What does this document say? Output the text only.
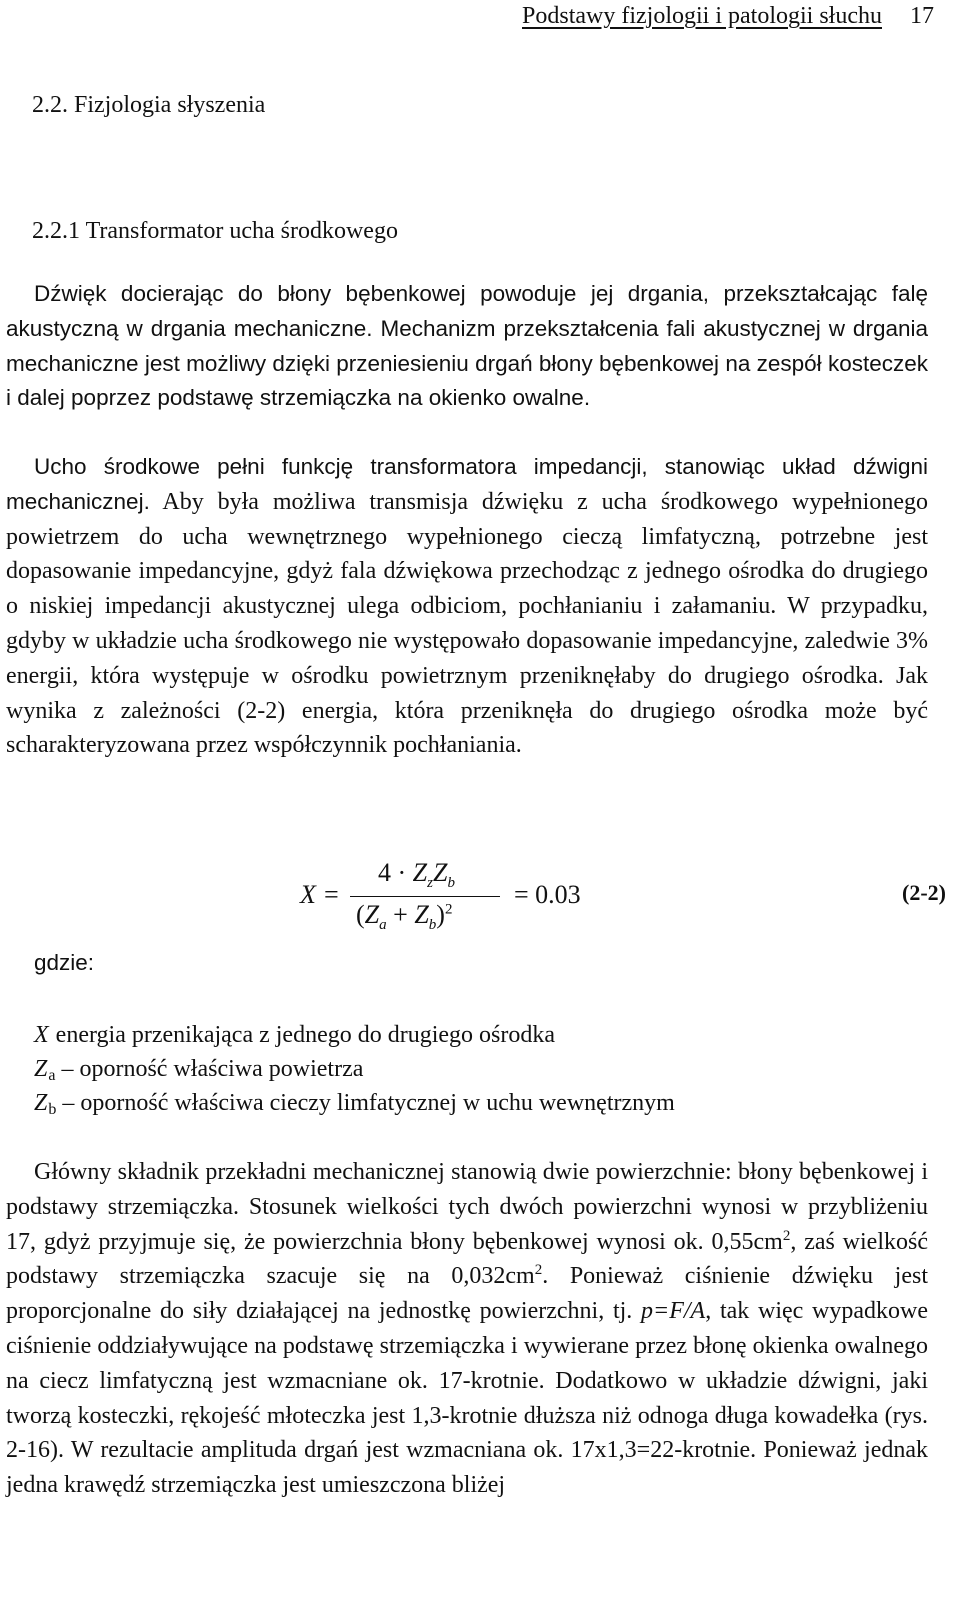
Podstawy fizjologii i patologii słuchu 17
2.2. Fizjologia słyszenia
2.2.1 Transformator ucha środkowego

Dźwięk docierając do błony bębenkowej powoduje jej drgania, przekształcając falę akustyczną w drgania mechaniczne. Mechanizm przekształcenia fali akustycznej w drgania mechaniczne jest możliwy dzięki przeniesieniu drgań błony bębenkowej na zespół kosteczek i dalej poprzez podstawę strzemiączka na okienko owalne.

Ucho środkowe pełni funkcję transformatora impedancji, stanowiąc układ dźwigni mechanicznej. Aby była możliwa transmisja dźwięku z ucha środkowego wypełnionego powietrzem do ucha wewnętrznego wypełnionego cieczą limfatyczną, potrzebne jest dopasowanie impedancyjne, gdyż fala dźwiękowa przechodząc z jednego ośrodka do drugiego o niskiej impedancji akustycznej ulega odbiciom, pochłanianiu i załamaniu. W przypadku, gdyby w układzie ucha środkowego nie występowało dopasowanie impedancyjne, zaledwie 3% energii, która występuje w ośrodku powietrznym przeniknęłaby do drugiego ośrodka. Jak wynika z zależności (2-2) energia, która przeniknęła do drugiego ośrodka może być scharakteryzowana przez współczynnik pochłaniania.

X =
$4 \cdot Z_zZ_b$
$(Z_a + Z_b)^2$
= 0.03	(2-2)
gdzie:
X energia przenikająca z jednego do drugiego ośrodka
$Z_a$ – oporność właściwa powietrza
$Z_b$ – oporność właściwa cieczy limfatycznej w uchu wewnętrznym

Główny składnik przekładni mechanicznej stanowią dwie powierzchnie: błony bębenkowej i podstawy strzemiączka. Stosunek wielkości tych dwóch powierzchni wynosi w przybliżeniu 17, gdyż przyjmuje się, że powierzchnia błony bębenkowej wynosi ok. $0,55cm^2$, zaś wielkość podstawy strzemiączka szacuje się na $0,032cm^2$. Ponieważ ciśnienie dźwięku jest proporcjonalne do siły działającej na jednostkę powierzchni, tj. p=F/A, tak więc wypadkowe ciśnienie oddziaływujące na podstawę strzemiączka i wywierane przez błonę okienka owalnego na ciecz limfatyczną jest wzmacniane ok. 17-krotnie. Dodatkowo w układzie dźwigni, jaki tworzą kosteczki, rękojeść młoteczka jest 1,3-krotnie dłuższa niż odnoga długa kowadełka (rys. 2-16). W rezultacie amplituda drgań jest wzmacniana ok. 17x1,3=22-krotnie. Ponieważ jednak jedna krawędź strzemiączka jest umieszczona bliżej
